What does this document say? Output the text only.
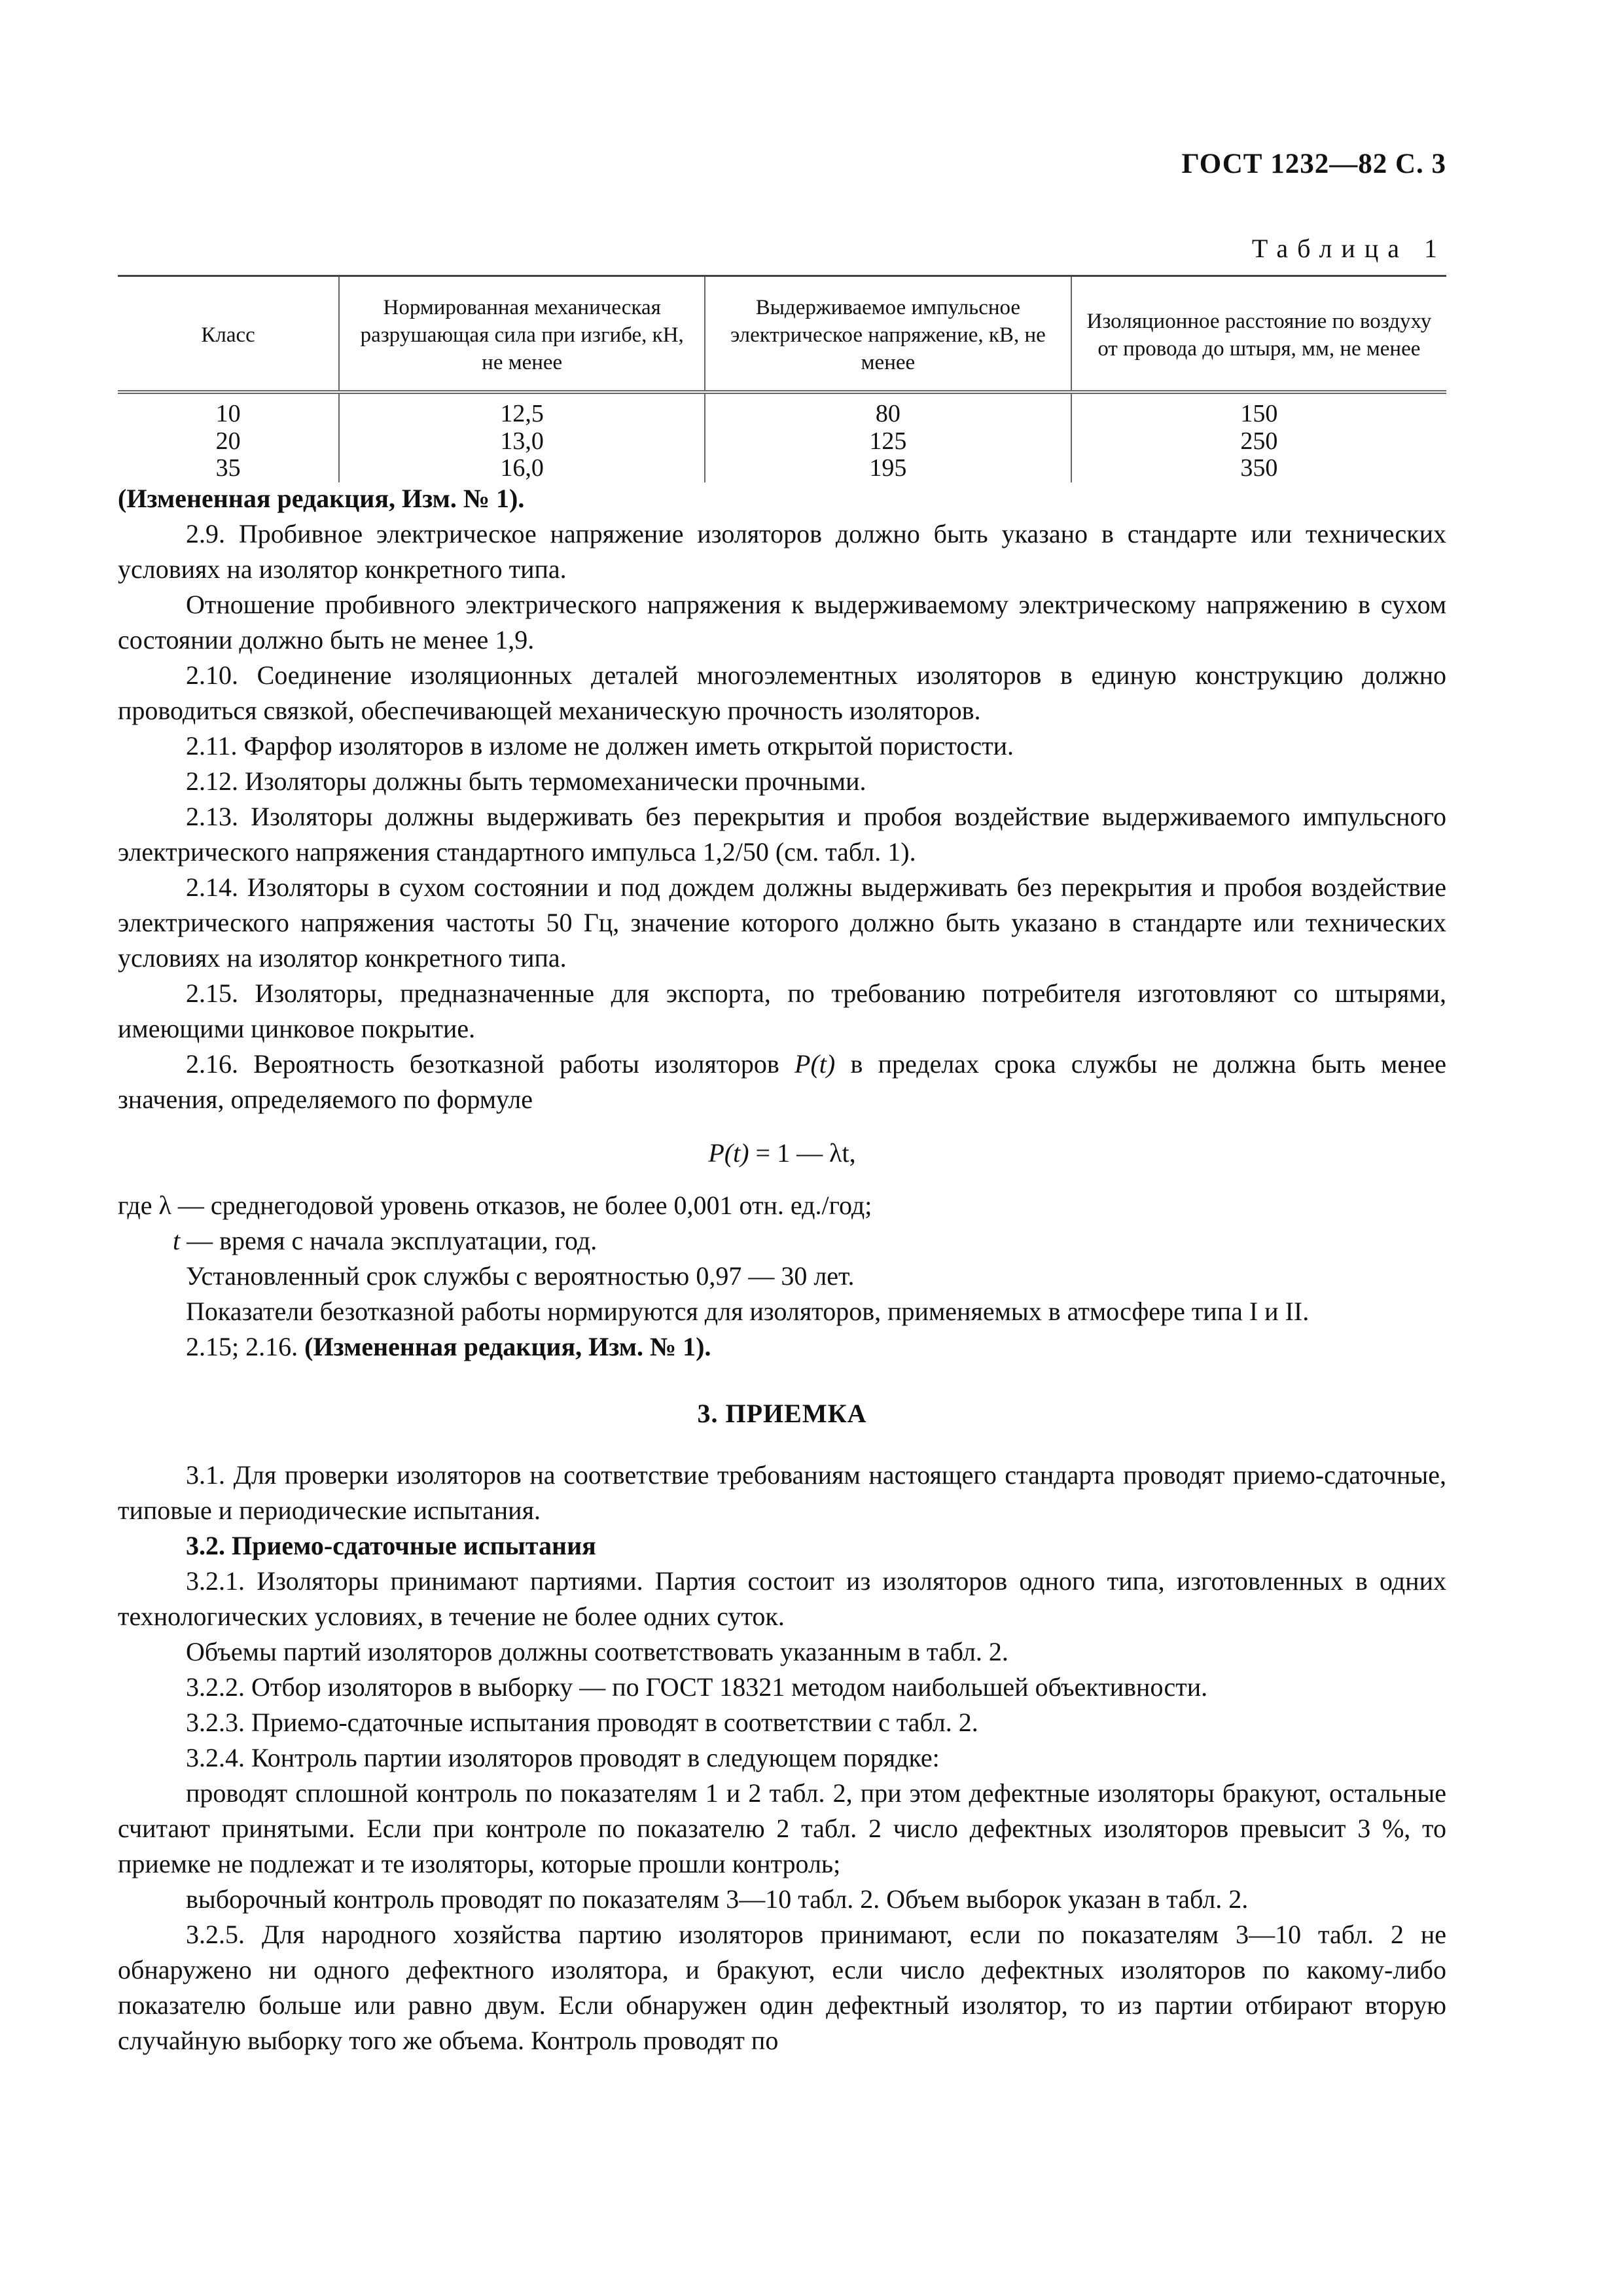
ГОСТ 1232—82 С. 3
Таблица 1
Класс	Нормированная механическая разрушающая сила при изгибе, кН, не менее	Выдерживаемое импульсное электрическое напряжение, кВ, не менее	Изоляционное расстояние по воздуху от провода до штыря, мм, не менее
10	12,5	80	150
20	13,0	125	250
35	16,0	195	350

(Измененная редакция, Изм. № 1).

2.9. Пробивное электрическое напряжение изоляторов должно быть указано в стандарте или технических условиях на изолятор конкретного типа.

Отношение пробивного электрического напряжения к выдерживаемому электрическому напряжению в сухом состоянии должно быть не менее 1,9.

2.10. Соединение изоляционных деталей многоэлементных изоляторов в единую конструкцию должно проводиться связкой, обеспечивающей механическую прочность изоляторов.

2.11. Фарфор изоляторов в изломе не должен иметь открытой пористости.

2.12. Изоляторы должны быть термомеханически прочными.

2.13. Изоляторы должны выдерживать без перекрытия и пробоя воздействие выдерживаемого импульсного электрического напряжения стандартного импульса 1,2/50 (см. табл. 1).

2.14. Изоляторы в сухом состоянии и под дождем должны выдерживать без перекрытия и пробоя воздействие электрического напряжения частоты 50 Гц, значение которого должно быть указано в стандарте или технических условиях на изолятор конкретного типа.

2.15. Изоляторы, предназначенные для экспорта, по требованию потребителя изготовляют со штырями, имеющими цинковое покрытие.

2.16. Вероятность безотказной работы изоляторов P(t) в пределах срока службы не должна быть менее значения, определяемого по формуле

P(t) = 1 — λt,

где λ — среднегодовой уровень отказов, не более 0,001 отн. ед./год;

t — время с начала эксплуатации, год.

Установленный срок службы с вероятностью 0,97 — 30 лет.

Показатели безотказной работы нормируются для изоляторов, применяемых в атмосфере типа I и II.

2.15; 2.16. (Измененная редакция, Изм. № 1).

3. ПРИЕМКА

3.1. Для проверки изоляторов на соответствие требованиям настоящего стандарта проводят приемо-сдаточные, типовые и периодические испытания.

3.2. Приемо-сдаточные испытания

3.2.1. Изоляторы принимают партиями. Партия состоит из изоляторов одного типа, изготовленных в одних технологических условиях, в течение не более одних суток.

Объемы партий изоляторов должны соответствовать указанным в табл. 2.

3.2.2. Отбор изоляторов в выборку — по ГОСТ 18321 методом наибольшей объективности.

3.2.3. Приемо-сдаточные испытания проводят в соответствии с табл. 2.

3.2.4. Контроль партии изоляторов проводят в следующем порядке:

проводят сплошной контроль по показателям 1 и 2 табл. 2, при этом дефектные изоляторы бракуют, остальные считают принятыми. Если при контроле по показателю 2 табл. 2 число дефектных изоляторов превысит 3 %, то приемке не подлежат и те изоляторы, которые прошли контроль;

выборочный контроль проводят по показателям 3—10 табл. 2. Объем выборок указан в табл. 2.

3.2.5. Для народного хозяйства партию изоляторов принимают, если по показателям 3—10 табл. 2 не обнаружено ни одного дефектного изолятора, и бракуют, если число дефектных изоляторов по какому-либо показателю больше или равно двум. Если обнаружен один дефектный изолятор, то из партии отбирают вторую случайную выборку того же объема. Контроль проводят по
